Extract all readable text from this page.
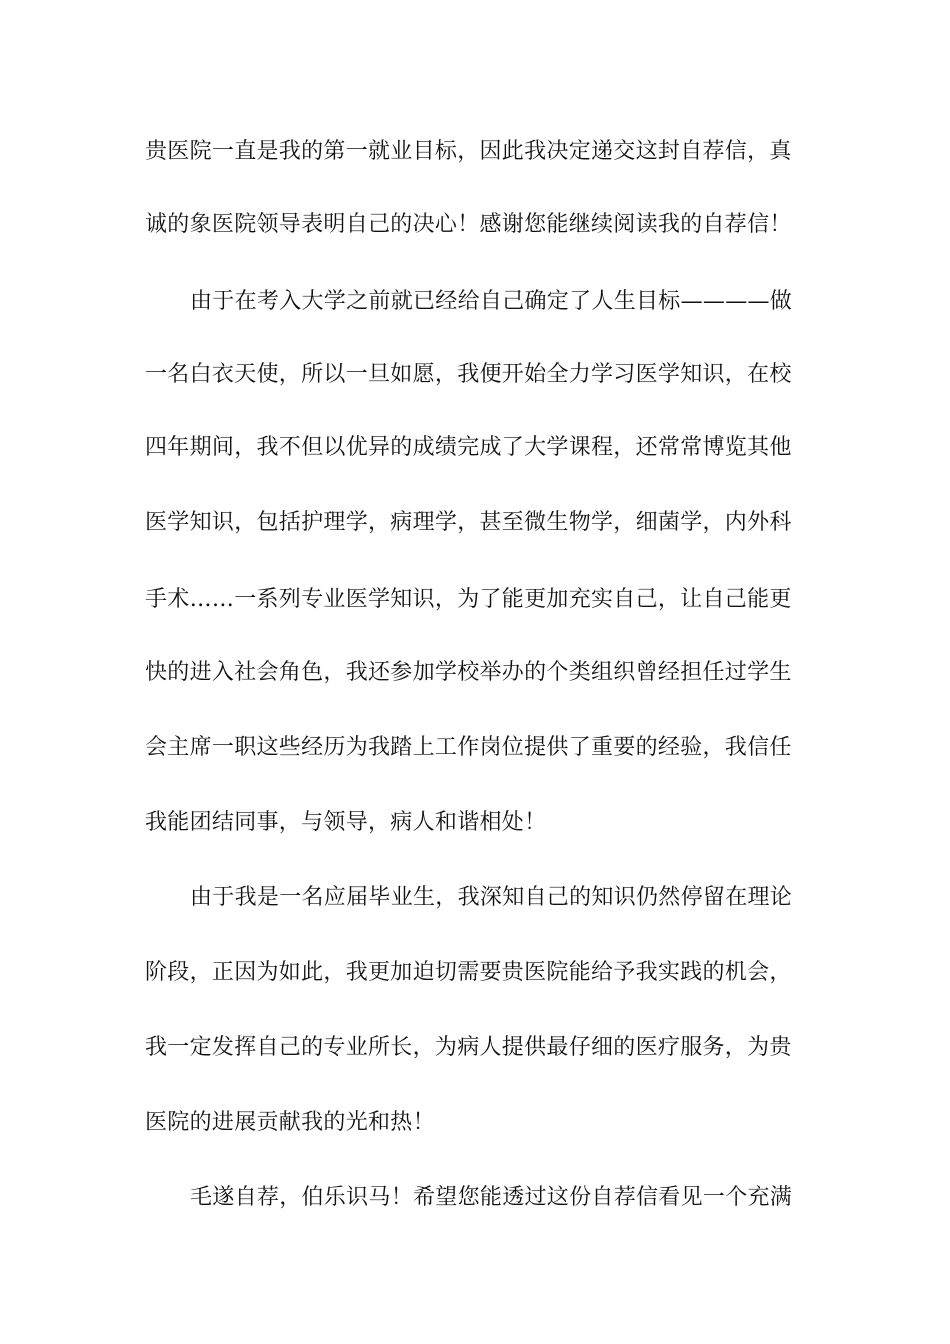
贵医院一直是我的第一就业目标，因此我决定递交这封自荐信，真
诚的象医院领导表明自己的决心！感谢您能继续阅读我的自荐信！
由于在考入大学之前就已经给自己确定了人生目标————做
一名白衣天使，所以一旦如愿，我便开始全力学习医学知识，在校
四年期间，我不但以优异的成绩完成了大学课程，还常常博览其他
医学知识，包括护理学，病理学，甚至微生物学，细菌学，内外科
手术……一系列专业医学知识，为了能更加充实自己，让自己能更
快的进入社会角色，我还参加学校举办的个类组织曾经担任过学生
会主席一职这些经历为我踏上工作岗位提供了重要的经验，我信任
我能团结同事，与领导，病人和谐相处！
由于我是一名应届毕业生，我深知自己的知识仍然停留在理论
阶段，正因为如此，我更加迫切需要贵医院能给予我实践的机会，
我一定发挥自己的专业所长，为病人提供最仔细的医疗服务，为贵
医院的进展贡献我的光和热！
毛遂自荐，伯乐识马！希望您能透过这份自荐信看见一个充满
